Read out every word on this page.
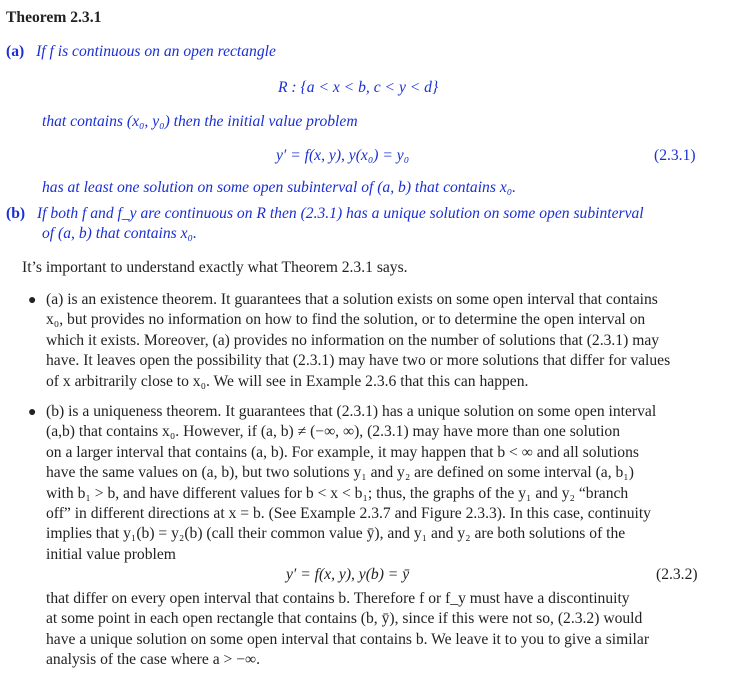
Theorem 2.3.1
(a) If f is continuous on an open rectangle
R : {a < x < b, c < y < d}
that contains (x₀, y₀) then the initial value problem
y′ = f(x, y), y(x₀) = y₀	(2.3.1)
has at least one solution on some open subinterval of (a, b) that contains x₀.
(b) If both f and f_y are continuous on R then (2.3.1) has a unique solution on some open subinterval
of (a, b) that contains x₀.
It’s important to understand exactly what Theorem 2.3.1 says.
● (a) is an existence theorem. It guarantees that a solution exists on some open interval that contains
x₀, but provides no information on how to find the solution, or to determine the open interval on
which it exists. Moreover, (a) provides no information on the number of solutions that (2.3.1) may
have. It leaves open the possibility that (2.3.1) may have two or more solutions that differ for values
of x arbitrarily close to x₀. We will see in Example 2.3.6 that this can happen.
● (b) is a uniqueness theorem. It guarantees that (2.3.1) has a unique solution on some open interval
(a,b) that contains x₀. However, if (a, b) ≠ (−∞, ∞), (2.3.1) may have more than one solution
on a larger interval that contains (a, b). For example, it may happen that b < ∞ and all solutions
have the same values on (a, b), but two solutions y₁ and y₂ are defined on some interval (a, b₁)
with b₁ > b, and have different values for b < x < b₁; thus, the graphs of the y₁ and y₂ “branch
off” in different directions at x = b. (See Example 2.3.7 and Figure 2.3.3). In this case, continuity
implies that y₁(b) = y₂(b) (call their common value ȳ), and y₁ and y₂ are both solutions of the
initial value problem
y′ = f(x, y), y(b) = ȳ	(2.3.2)
that differ on every open interval that contains b. Therefore f or f_y must have a discontinuity
at some point in each open rectangle that contains (b, ȳ), since if this were not so, (2.3.2) would
have a unique solution on some open interval that contains b. We leave it to you to give a similar
analysis of the case where a > −∞.
